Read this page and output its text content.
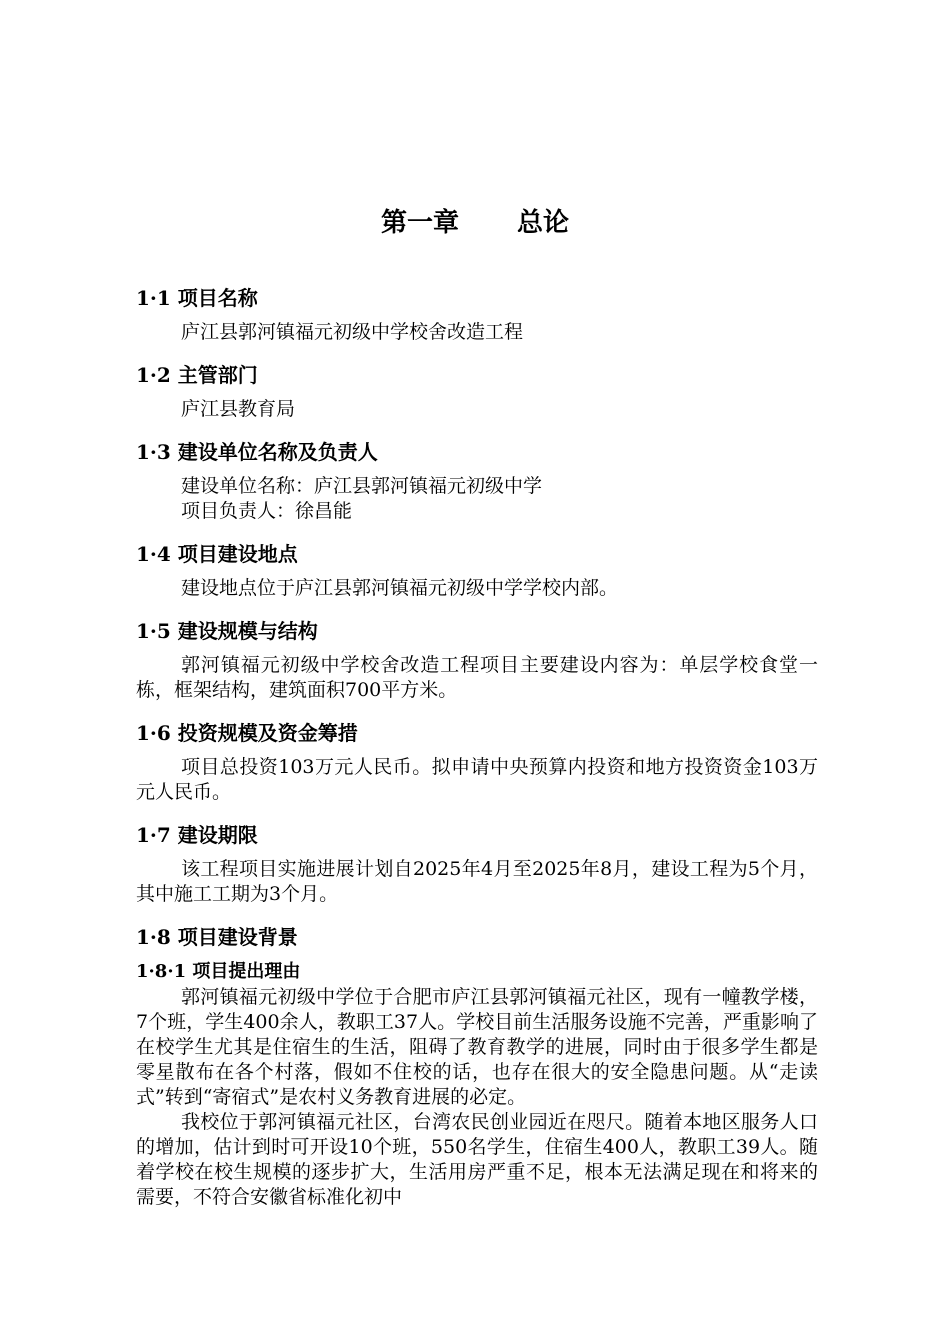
第一章 总论
1·1 项目名称

庐江县郭河镇福元初级中学校舍改造工程

1·2 主管部门

庐江县教育局

1·3 建设单位名称及负责人

建设单位名称：庐江县郭河镇福元初级中学

项目负责人：徐昌能

1·4 项目建设地点

建设地点位于庐江县郭河镇福元初级中学学校内部。

1·5 建设规模与结构

郭河镇福元初级中学校舍改造工程项目主要建设内容为：单层学校食堂一栋，框架结构，建筑面积700平方米。

1·6 投资规模及资金筹措

项目总投资103万元人民币。拟申请中央预算内投资和地方投资资金103万元人民币。

1·7 建设期限

该工程项目实施进展计划自2025年4月至2025年8月，建设工程为5个月，其中施工工期为3个月。

1·8 项目建设背景
1·8·1 项目提出理由

郭河镇福元初级中学位于合肥市庐江县郭河镇福元社区，现有一幢教学楼，7个班，学生400余人，教职工37人。学校目前生活服务设施不完善，严重影响了在校学生尤其是住宿生的生活，阻碍了教育教学的进展，同时由于很多学生都是零星散布在各个村落，假如不住校的话，也存在很大的安全隐患问题。从“走读式”转到“寄宿式”是农村义务教育进展的必定。

我校位于郭河镇福元社区，台湾农民创业园近在咫尺。随着本地区服务人口的增加，估计到时可开设10个班，550名学生，住宿生400人，教职工39人。随着学校在校生规模的逐步扩大，生活用房严重不足，根本无法满足现在和将来的需要，不符合安徽省标准化初中
